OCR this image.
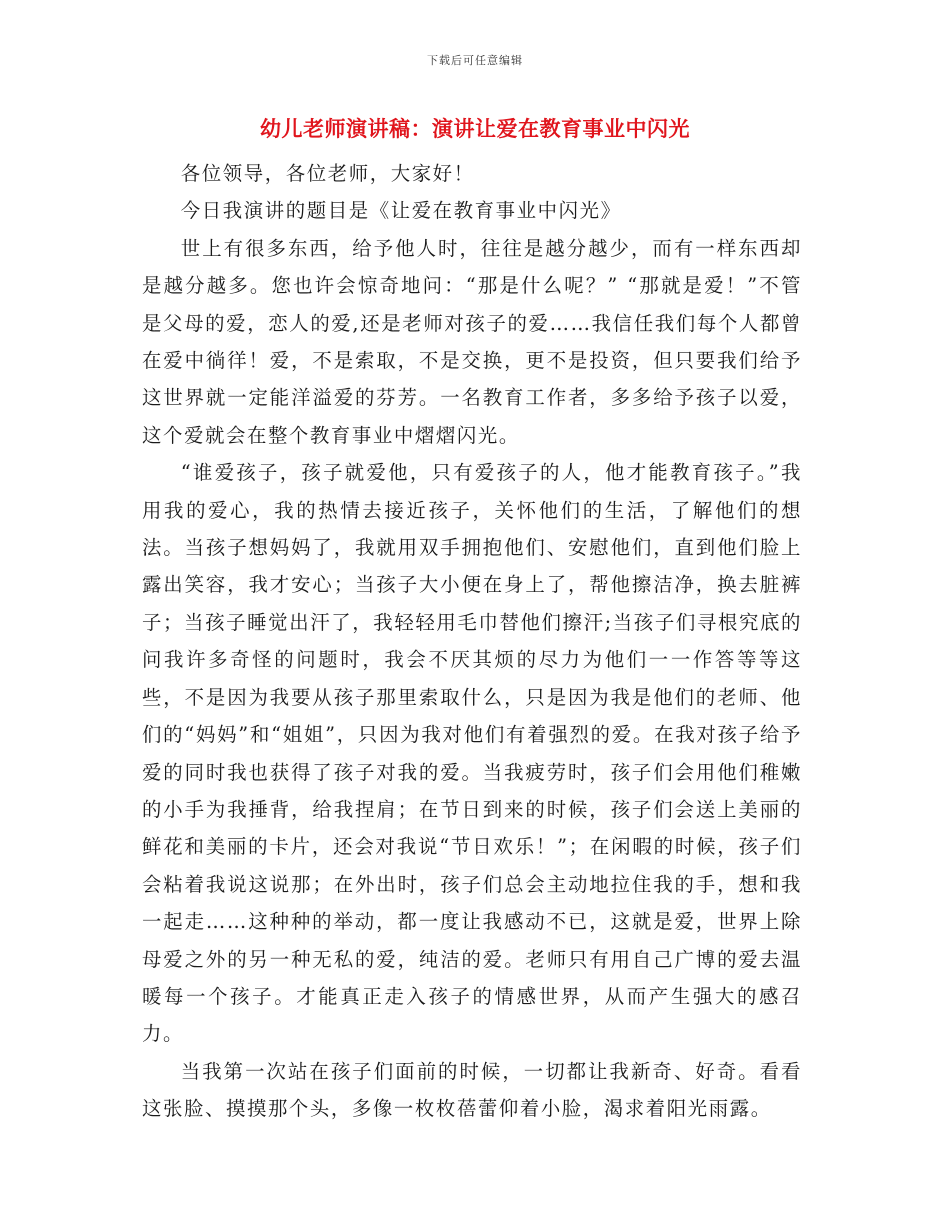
下载后可任意编辑
幼儿老师演讲稿：演讲让爱在教育事业中闪光

各位领导，各位老师，大家好！

今日我演讲的题目是《让爱在教育事业中闪光》

世上有很多东西，给予他人时，往往是越分越少，而有一样东西却是越分越多。您也许会惊奇地问：“那是什么呢？” “那就是爱！”不管是父母的爱，恋人的爱,还是老师对孩子的爱……我信任我们每个人都曾在爱中徜徉！爱，不是索取，不是交换，更不是投资，但只要我们给予这世界就一定能洋溢爱的芬芳。一名教育工作者，多多给予孩子以爱，这个爱就会在整个教育事业中熠熠闪光。

“谁爱孩子，孩子就爱他，只有爱孩子的人，他才能教育孩子。”我用我的爱心，我的热情去接近孩子，关怀他们的生活，了解他们的想法。当孩子想妈妈了，我就用双手拥抱他们、安慰他们，直到他们脸上露出笑容，我才安心；当孩子大小便在身上了，帮他擦洁净，换去脏裤子；当孩子睡觉出汗了，我轻轻用毛巾替他们擦汗;当孩子们寻根究底的问我许多奇怪的问题时，我会不厌其烦的尽力为他们一一作答等等这些，不是因为我要从孩子那里索取什么，只是因为我是他们的老师、他们的“妈妈”和“姐姐”，只因为我对他们有着强烈的爱。在我对孩子给予爱的同时我也获得了孩子对我的爱。当我疲劳时，孩子们会用他们稚嫩的小手为我捶背，给我捏肩；在节日到来的时候，孩子们会送上美丽的鲜花和美丽的卡片，还会对我说“节日欢乐！”；在闲暇的时候，孩子们会粘着我说这说那；在外出时，孩子们总会主动地拉住我的手，想和我一起走……这种种的举动，都一度让我感动不已，这就是爱，世界上除母爱之外的另一种无私的爱，纯洁的爱。老师只有用自己广博的爱去温暖每一个孩子。才能真正走入孩子的情感世界，从而产生强大的感召力。

当我第一次站在孩子们面前的时候，一切都让我新奇、好奇。看看这张脸、摸摸那个头，多像一枚枚蓓蕾仰着小脸，渴求着阳光雨露。
